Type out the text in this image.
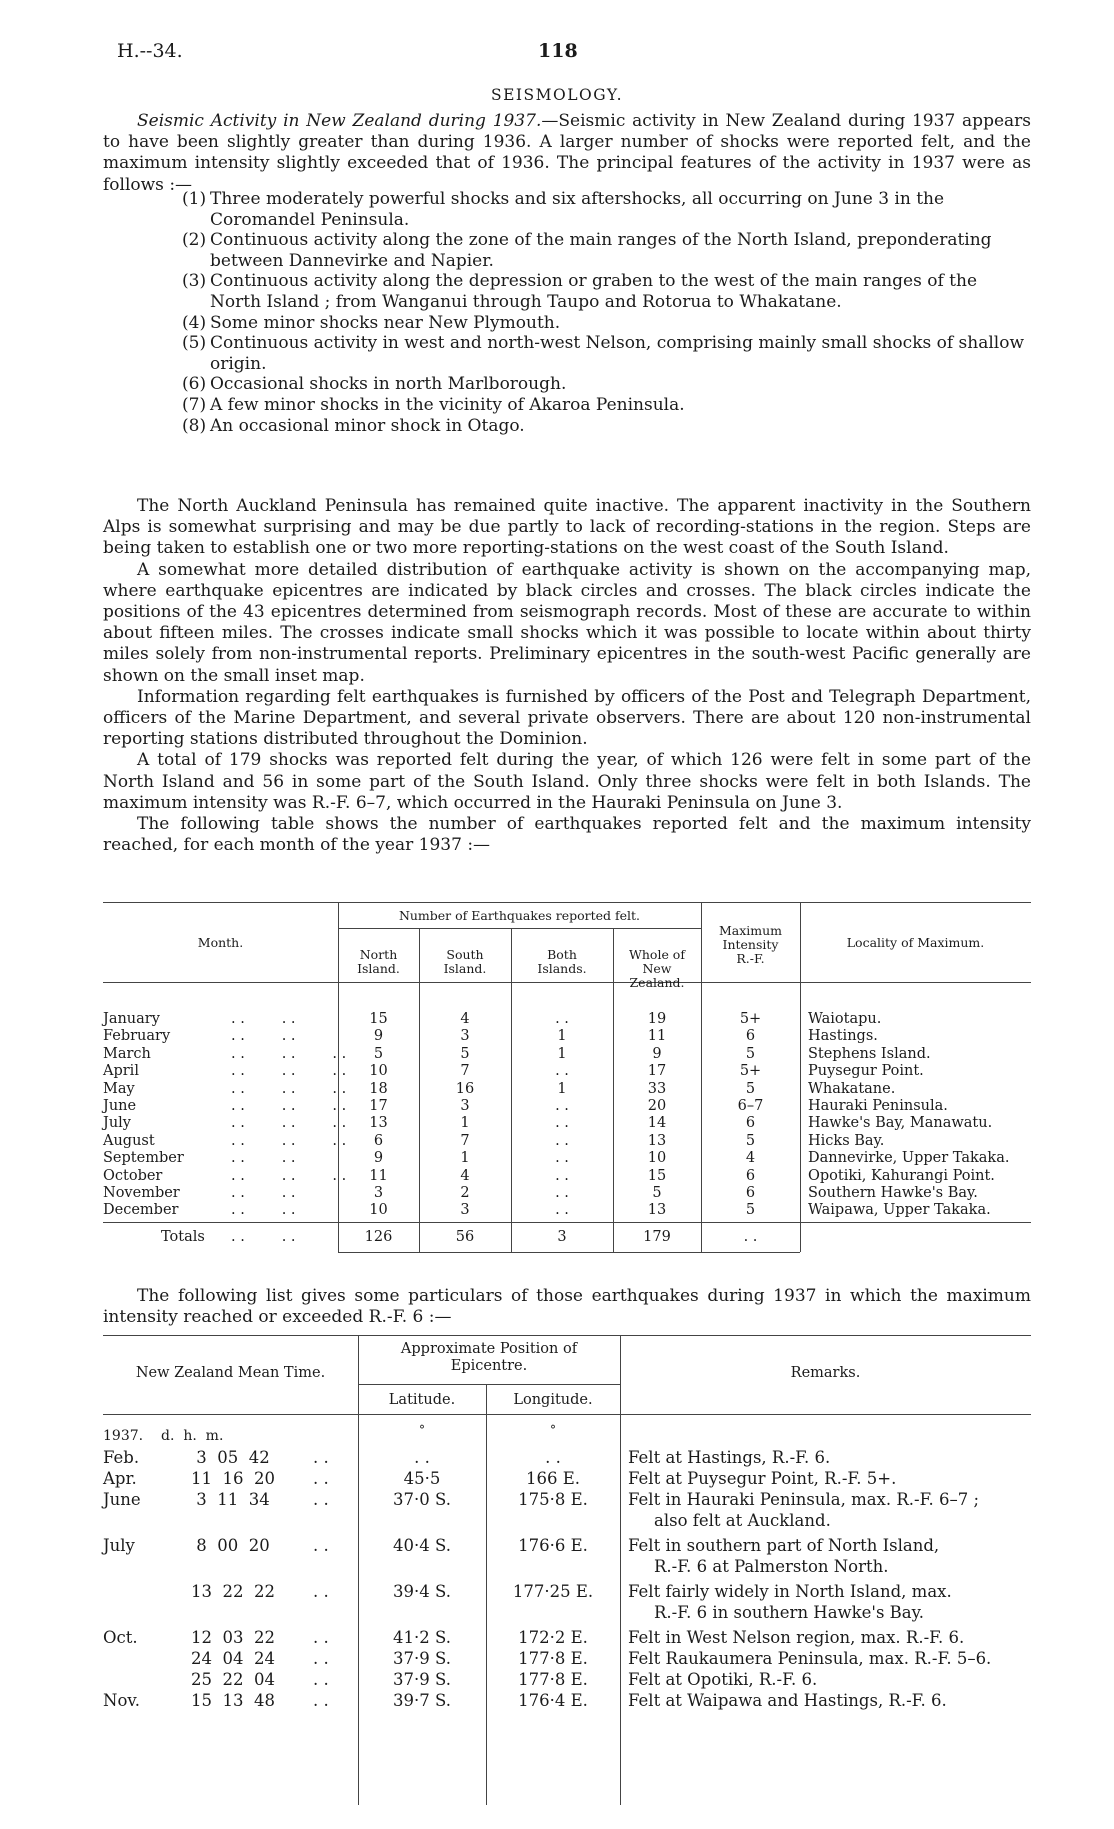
H.--34.	118
SEISMOLOGY.

Seismic Activity in New Zealand during 1937.—Seismic activity in New Zealand during 1937 appears to have been slightly greater than during 1936. A larger number of shocks were reported felt, and the maximum intensity slightly exceeded that of 1936. The principal features of the activity in 1937 were as follows :—

(1) Three moderately powerful shocks and six aftershocks, all occurring on June 3 in the Coromandel Peninsula.
(2) Continuous activity along the zone of the main ranges of the North Island, preponderating between Dannevirke and Napier.
(3) Continuous activity along the depression or graben to the west of the main ranges of the North Island ; from Wanganui through Taupo and Rotorua to Whakatane.
(4) Some minor shocks near New Plymouth.
(5) Continuous activity in west and north-west Nelson, comprising mainly small shocks of shallow origin.
(6) Occasional shocks in north Marlborough.
(7) A few minor shocks in the vicinity of Akaroa Peninsula.
(8) An occasional minor shock in Otago.

The North Auckland Peninsula has remained quite inactive. The apparent inactivity in the Southern Alps is somewhat surprising and may be due partly to lack of recording-stations in the region. Steps are being taken to establish one or two more reporting-stations on the west coast of the South Island.

A somewhat more detailed distribution of earthquake activity is shown on the accompanying map, where earthquake epicentres are indicated by black circles and crosses. The black circles indicate the positions of the 43 epicentres determined from seismograph records. Most of these are accurate to within about fifteen miles. The crosses indicate small shocks which it was possible to locate within about thirty miles solely from non-instrumental reports. Preliminary epicentres in the south-west Pacific generally are shown on the small inset map.

Information regarding felt earthquakes is furnished by officers of the Post and Telegraph Department, officers of the Marine Department, and several private observers. There are about 120 non-instrumental reporting stations distributed throughout the Dominion.

A total of 179 shocks was reported felt during the year, of which 126 were felt in some part of the North Island and 56 in some part of the South Island. Only three shocks were felt in both Islands. The maximum intensity was R.-F. 6–7, which occurred in the Hauraki Peninsula on June 3.

The following table shows the number of earthquakes reported felt and the maximum intensity reached, for each month of the year 1937 :—

Month.
Number of Earthquakes reported felt.
North
Island.
South
Island.
Both
Islands.
Whole of
New Zealand.
Maximum
Intensity
R.-F.
Locality of Maximum.
January	. .        . .	15	4	. .	19	5+	Waiotapu.
February	. .        . .	9	3	1	11	6	Hastings.
March	. .        . .        . .	5	5	1	9	5	Stephens Island.
April	. .        . .        . .	10	7	. .	17	5+	Puysegur Point.
May	. .        . .        . .	18	16	1	33	5	Whakatane.
June	. .        . .        . .	17	3	. .	20	6–7	Hauraki Peninsula.
July	. .        . .        . .	13	1	. .	14	6	Hawke's Bay, Manawatu.
August	. .        . .        . .	6	7	. .	13	5	Hicks Bay.
September	. .        . .	9	1	. .	10	4	Dannevirke, Upper Takaka.
October	. .        . .        . .	11	4	. .	15	6	Opotiki, Kahurangi Point.
November	. .        . .	3	2	. .	5	6	Southern Hawke's Bay.
December	. .        . .	10	3	. .	13	5	Waipawa, Upper Takaka.
Totals	. .        . .	126	56	3	179	. .

The following list gives some particulars of those earthquakes during 1937 in which the maximum intensity reached or exceeded R.-F. 6 :—

New Zealand Mean Time.
Approximate Position of
Epicentre.
Latitude.	Longitude.
Remarks.
1937. d.  h.  m.	°	°
Feb.	3  05  42	. .	. .	. .	Felt at Hastings, R.-F. 6.
Apr.	11  16  20	. .	45·5	166 E.	Felt at Puysegur Point, R.-F. 5+.
June	3  11  34	. .	37·0 S.	175·8 E.	Felt in Hauraki Peninsula, max. R.-F. 6–7 ;
also felt at Auckland.
July	8  00  20	. .	40·4 S.	176·6 E.	Felt in southern part of North Island,
R.-F. 6 at Palmerston North.
13  22  22	. .	39·4 S.	177·25 E.	Felt fairly widely in North Island, max.
R.-F. 6 in southern Hawke's Bay.
Oct.	12  03  22	. .	41·2 S.	172·2 E.	Felt in West Nelson region, max. R.-F. 6.
24  04  24	. .	37·9 S.	177·8 E.	Felt Raukaumera Peninsula, max. R.-F. 5–6.
25  22  04	. .	37·9 S.	177·8 E.	Felt at Opotiki, R.-F. 6.
Nov.	15  13  48	. .	39·7 S.	176·4 E.	Felt at Waipawa and Hastings, R.-F. 6.
